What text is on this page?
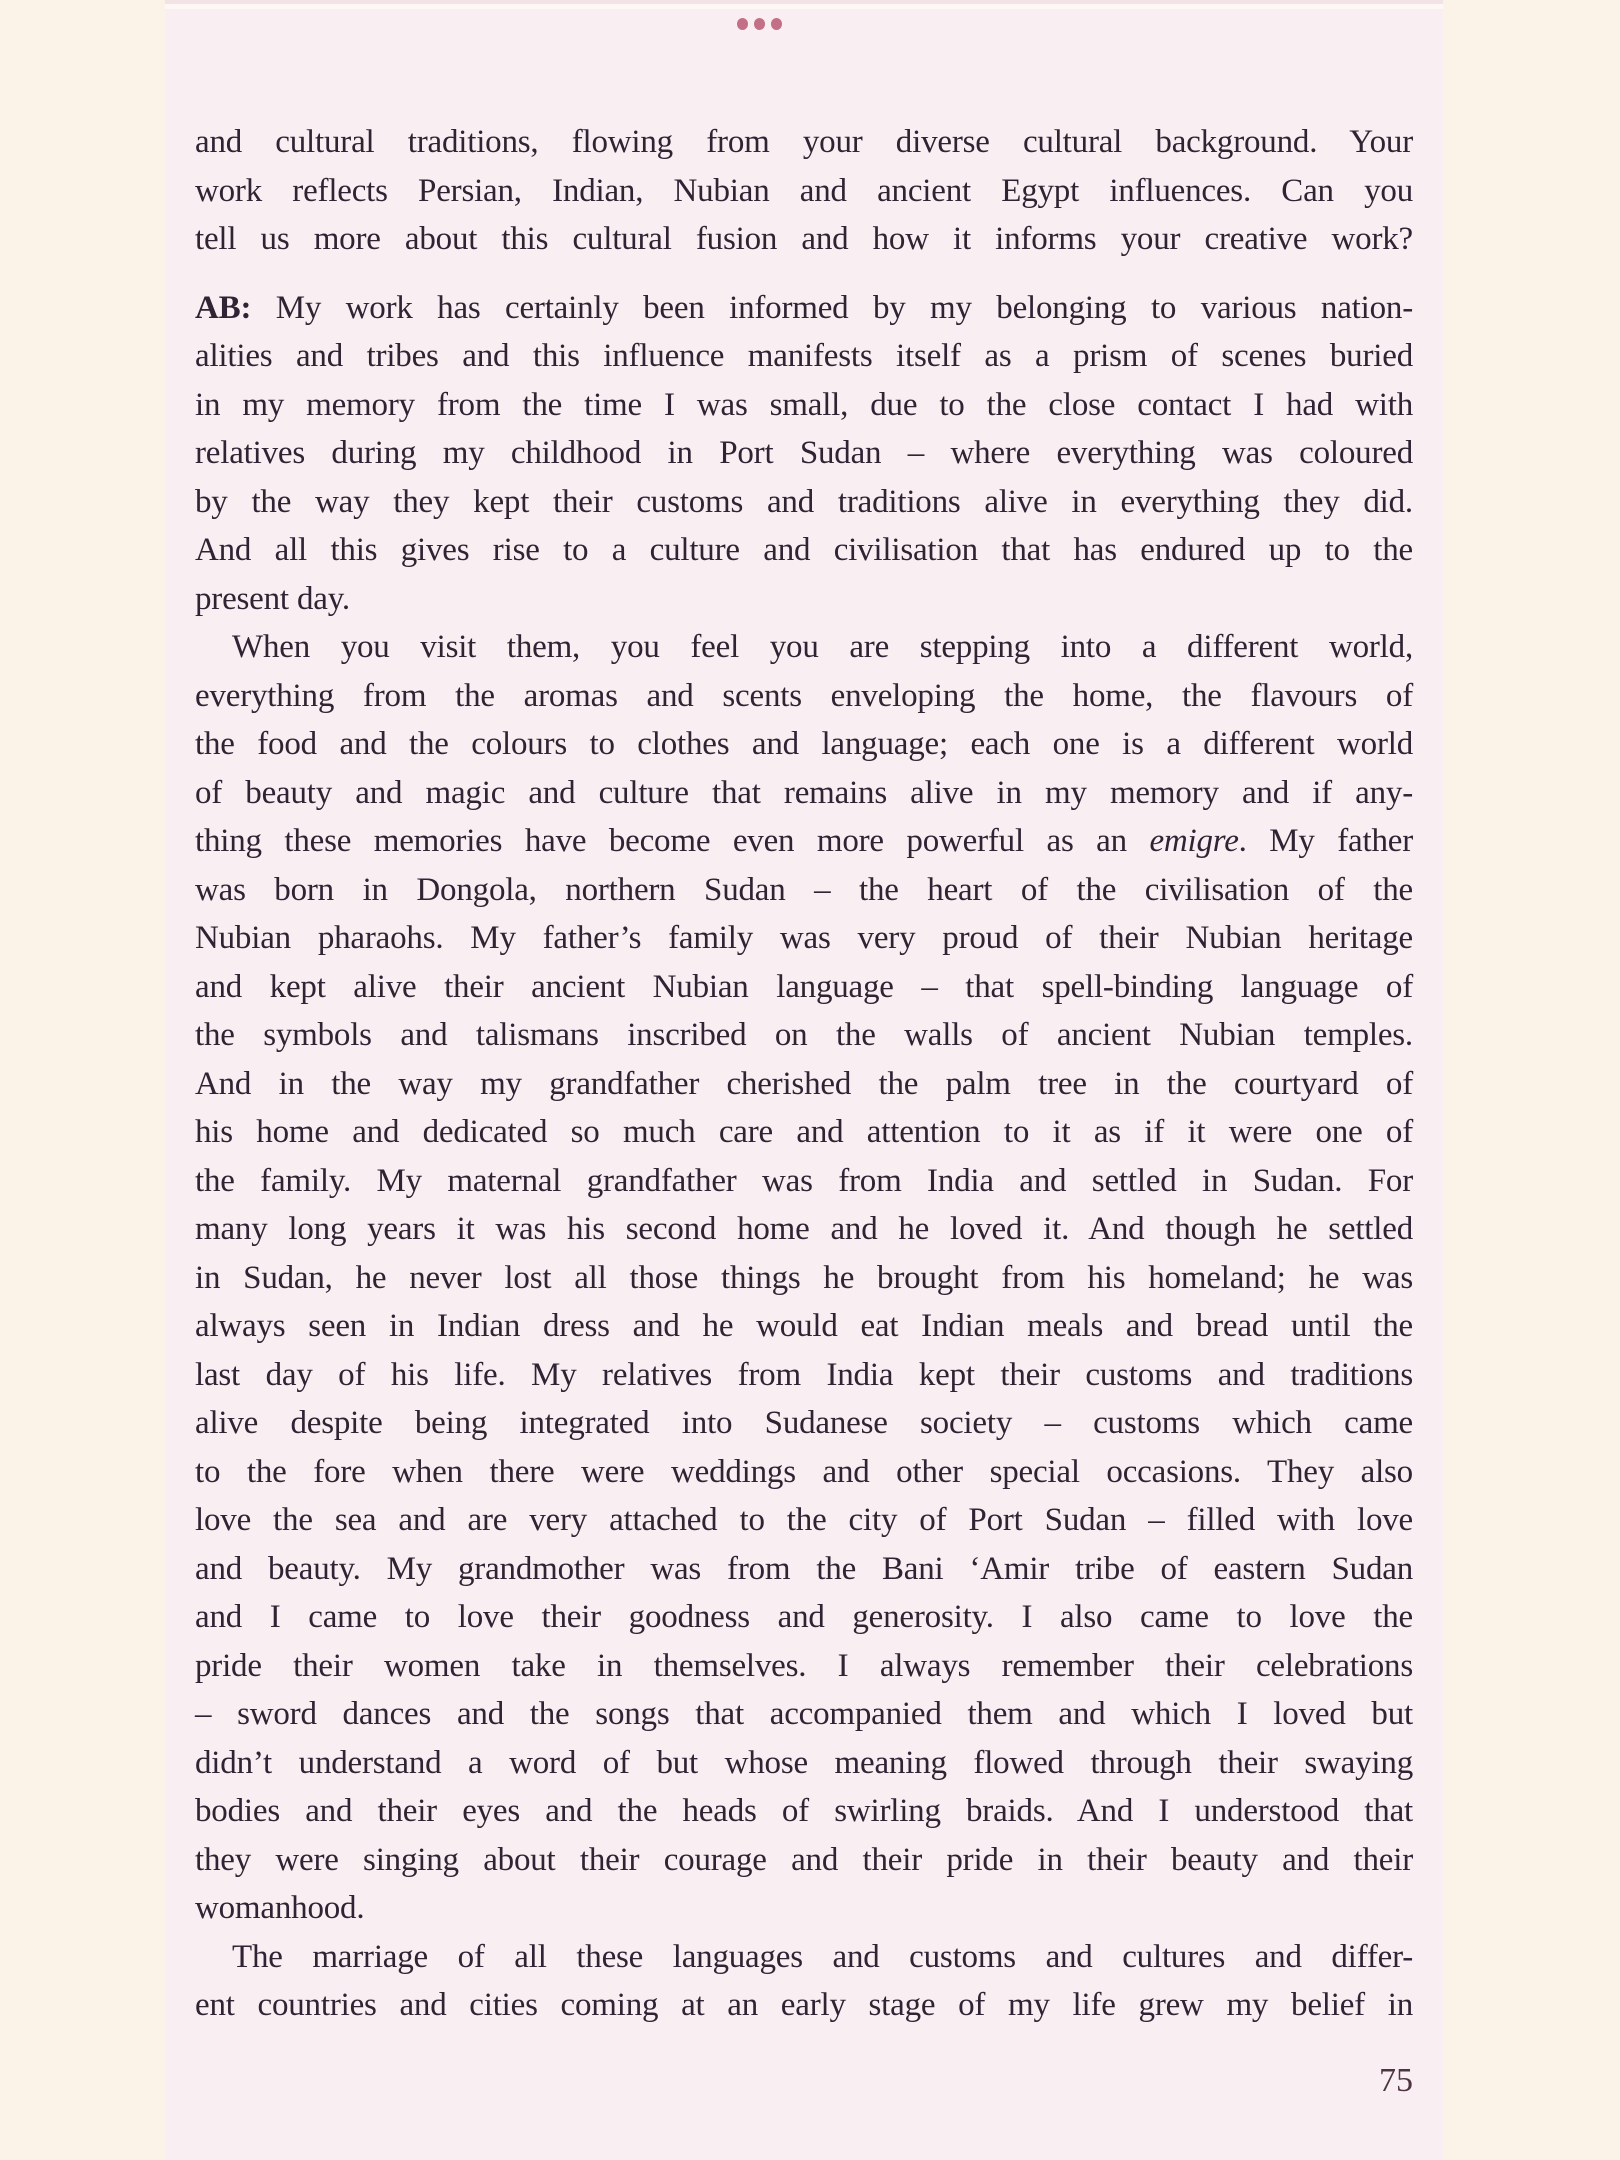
and cultural traditions, flowing from your diverse cultural background. Your
work reflects Persian, Indian, Nubian and ancient Egypt influences. Can you
tell us more about this cultural fusion and how it informs your creative work?
AB: My work has certainly been informed by my belonging to various nation-
alities and tribes and this influence manifests itself as a prism of scenes buried
in my memory from the time I was small, due to the close contact I had with
relatives during my childhood in Port Sudan – where everything was coloured
by the way they kept their customs and traditions alive in everything they did.
And all this gives rise to a culture and civilisation that has endured up to the
present day.
When you visit them, you feel you are stepping into a different world,
everything from the aromas and scents enveloping the home, the flavours of
the food and the colours to clothes and language; each one is a different world
of beauty and magic and culture that remains alive in my memory and if any-
thing these memories have become even more powerful as an emigre. My father
was born in Dongola, northern Sudan – the heart of the civilisation of the
Nubian pharaohs. My father’s family was very proud of their Nubian heritage
and kept alive their ancient Nubian language – that spell-binding language of
the symbols and talismans inscribed on the walls of ancient Nubian temples.
And in the way my grandfather cherished the palm tree in the courtyard of
his home and dedicated so much care and attention to it as if it were one of
the family. My maternal grandfather was from India and settled in Sudan. For
many long years it was his second home and he loved it. And though he settled
in Sudan, he never lost all those things he brought from his homeland; he was
always seen in Indian dress and he would eat Indian meals and bread until the
last day of his life. My relatives from India kept their customs and traditions
alive despite being integrated into Sudanese society – customs which came
to the fore when there were weddings and other special occasions. They also
love the sea and are very attached to the city of Port Sudan – filled with love
and beauty. My grandmother was from the Bani ‘Amir tribe of eastern Sudan
and I came to love their goodness and generosity. I also came to love the
pride their women take in themselves. I always remember their celebrations
– sword dances and the songs that accompanied them and which I loved but
didn’t understand a word of but whose meaning flowed through their swaying
bodies and their eyes and the heads of swirling braids. And I understood that
they were singing about their courage and their pride in their beauty and their
womanhood.
The marriage of all these languages and customs and cultures and differ-
ent countries and cities coming at an early stage of my life grew my belief in
75
